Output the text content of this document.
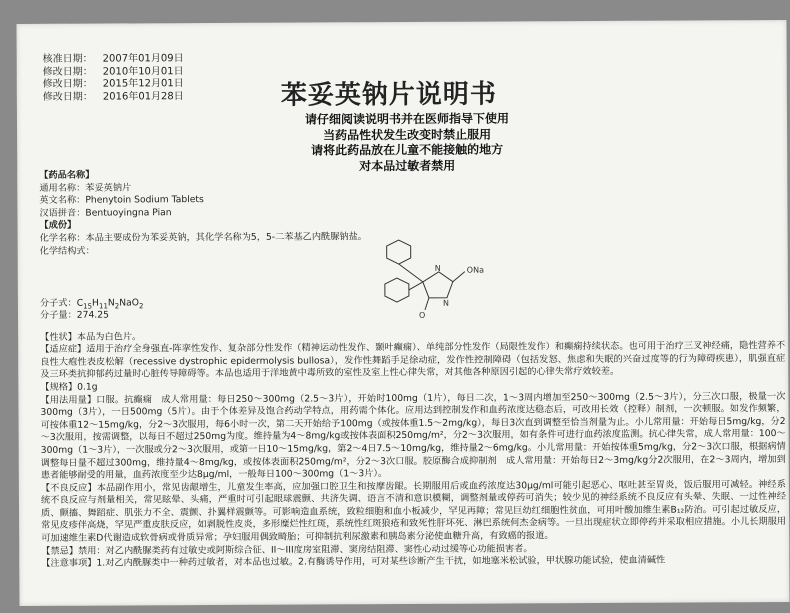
核准日期： 2007年01月09日
修改日期： 2010年10月01日
修改日期： 2015年12月01日
修改日期： 2016年01月28日	苯妥英钠片说明书
请仔细阅读说明书并在医师指导下使用
当药品性状发生改变时禁止服用
请将此药品放在儿童不能接触的地方
对本品过敏者禁用
【药品名称】
通用名称：苯妥英钠片
英文名称：Phenytoin Sodium Tablets
汉语拼音：Bentuoyingna Pian
【成份】
化学名称：本品主要成份为苯妥英钠，其化学名称为5，5-二苯基乙内酰脲钠盐。
化学结构式：
ONa
N
N
O
分子式：$C_{15}H_{11}N_2NaO_2$
分子量：274.25
【性状】本品为白色片。
【适应症】适用于治疗全身强直-阵挛性发作、复杂部分性发作（精神运动性发作、颞叶癫痫）、单纯部分性发作（局限性发作）和癫痫持续状态。也可用于治疗三叉神经痛，隐性营养不良性大疱性表皮松解（recessive dystrophic epidermolysis bullosa），发作性舞蹈手足徐动症，发作性控制障碍（包括发怒、焦虑和失眠的兴奋过度等的行为障碍疾患），肌强直症及三环类抗抑郁药过量时心脏传导障碍等。本品也适用于洋地黄中毒所致的室性及室上性心律失常，对其他各种原因引起的心律失常疗效较差。
【规格】0.1g
【用法用量】口服。抗癫痫　成人常用量：每日250～300mg（2.5～3片），开始时100mg（1片），每日二次，1～3周内增加至250～300mg（2.5～3片），分三次口服，极量一次300mg（3片），一日500mg（5片）。由于个体差异及饱合药动学特点，用药需个体化。应用达到控制发作和血药浓度达稳态后，可改用长效（控释）制剂，一次顿服。如发作频繁，可按体重12～15mg/kg，分2～3次服用，每6小时一次，第二天开始给予100mg（或按体重1.5～2mg/kg），每日3次直到调整至恰当剂量为止。小儿常用量：开始每日5mg/kg，分2～3次服用，按需调整，以每日不超过250mg为度。维持量为4～8mg/kg或按体表面积250mg/m²，分2～3次服用，如有条件可进行血药浓度监测。抗心律失常，成人常用量：100～300mg（1～3片），一次服或分2～3次服用，或第一日10～15mg/kg，第2～4日7.5～10mg/kg，维持量2～6mg/kg。小儿常用量：开始按体重5mg/kg，分2～3次口服，根据病情调整每日量不超过300mg，维持量4～8mg/kg，或按体表面积250mg/m²，分2～3次口服。胶原酶合成抑制剂　成人常用量：开始每日2～3mg/kg分2次服用，在2～3周内，增加到患者能够耐受的用量，血药浓度至少达8μg/ml，一般每日100～300mg（1～3片）。
【不良反应】本品副作用小，常见齿龈增生，儿童发生率高，应加强口腔卫生和按摩齿龈。长期服用后或血药浓度达30μg/ml可能引起恶心、呕吐甚至胃炎，饭后服用可减轻。神经系统不良反应与剂量相关，常见眩晕、头痛，严重时可引起眼球震颤、共济失调、语言不清和意识模糊，调整剂量或停药可消失；较少见的神经系统不良反应有头晕、失眠、一过性神经质、颤搐、舞蹈症、肌张力不全、震颤、扑翼样震颤等。可影响造血系统，致粒细胞和血小板减少，罕见再障；常见巨幼红细胞性贫血，可用叶酸加维生素B₁₂防治。可引起过敏反应，常见皮疹伴高烧，罕见严重皮肤反应，如剥脱性皮炎，多形糜烂性红斑，系统性红斑狼疮和致死性肝坏死、淋巴系统何杰金病等。一旦出现症状立即停药并采取相应措施。小儿长期服用可加速维生素D代谢造成软骨病或骨质异常；孕妇服用偶致畸胎；可抑制抗利尿激素和胰岛素分泌使血糖升高，有致癌的报道。
【禁忌】禁用：对乙内酰脲类药有过敏史或阿斯综合征、II～III度房室阻滞、窦房结阻滞、窦性心动过缓等心功能损害者。
【注意事项】1.对乙内酰脲类中一种药过敏者，对本品也过敏。2.有酶诱导作用，可对某些诊断产生干扰，如地塞米松试验，甲状腺功能试验，使血清碱性
